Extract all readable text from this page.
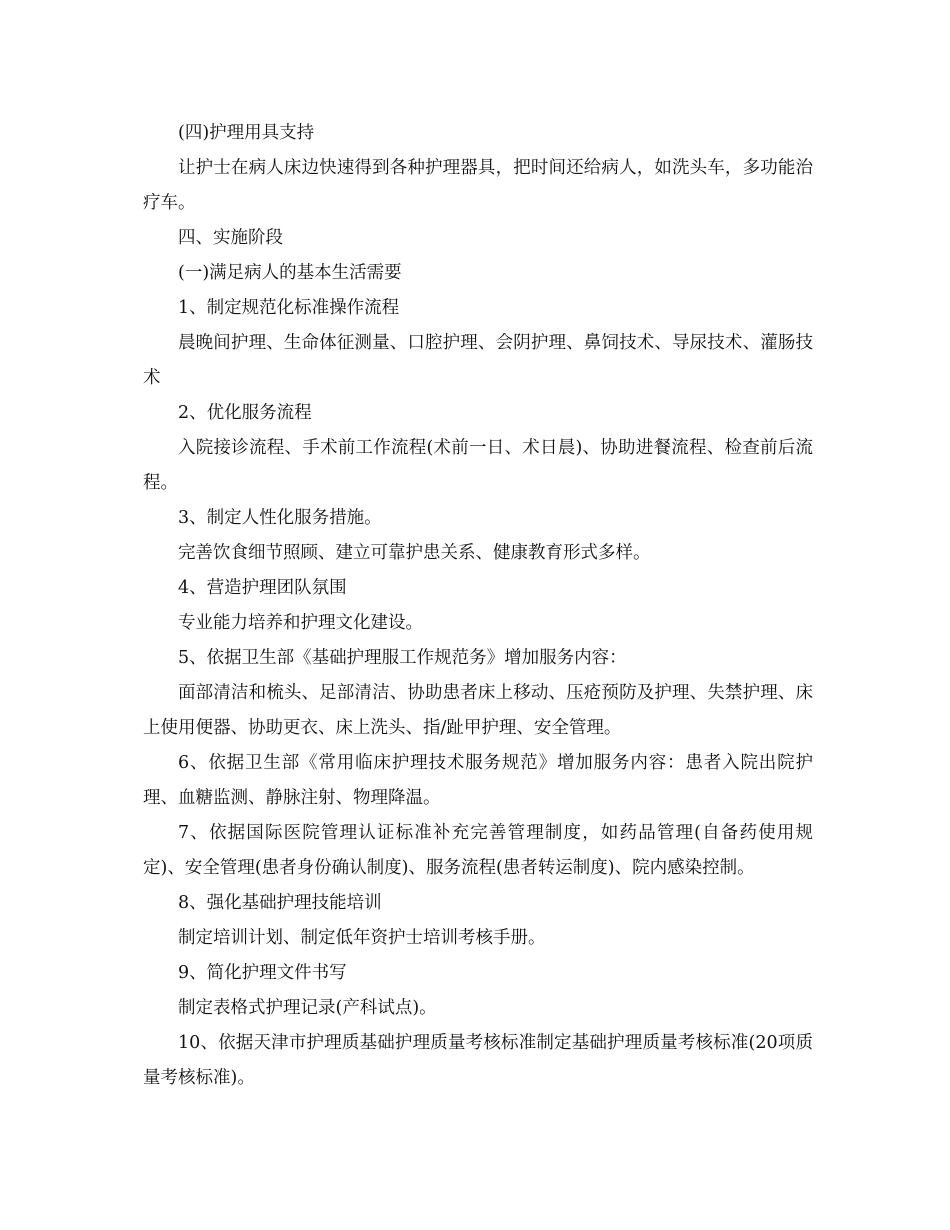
(四)护理用具支持

让护士在病人床边快速得到各种护理器具，把时间还给病人，如洗头车，多功能治疗车。

四、实施阶段

(一)满足病人的基本生活需要

1、制定规范化标准操作流程

晨晚间护理、生命体征测量、口腔护理、会阴护理、鼻饲技术、导尿技术、灌肠技术

2、优化服务流程

入院接诊流程、手术前工作流程(术前一日、术日晨)、协助进餐流程、检查前后流程。

3、制定人性化服务措施。

完善饮食细节照顾、建立可靠护患关系、健康教育形式多样。

4、营造护理团队氛围

专业能力培养和护理文化建设。

5、依据卫生部《基础护理服工作规范务》增加服务内容：

面部清洁和梳头、足部清洁、协助患者床上移动、压疮预防及护理、失禁护理、床上使用便器、协助更衣、床上洗头、指/趾甲护理、安全管理。

6、依据卫生部《常用临床护理技术服务规范》增加服务内容：患者入院出院护理、血糖监测、静脉注射、物理降温。

7、依据国际医院管理认证标准补充完善管理制度，如药品管理(自备药使用规定)、安全管理(患者身份确认制度)、服务流程(患者转运制度)、院内感染控制。

8、强化基础护理技能培训

制定培训计划、制定低年资护士培训考核手册。

9、简化护理文件书写

制定表格式护理记录(产科试点)。

10、依据天津市护理质基础护理质量考核标准制定基础护理质量考核标准(20项质量考核标准)。
